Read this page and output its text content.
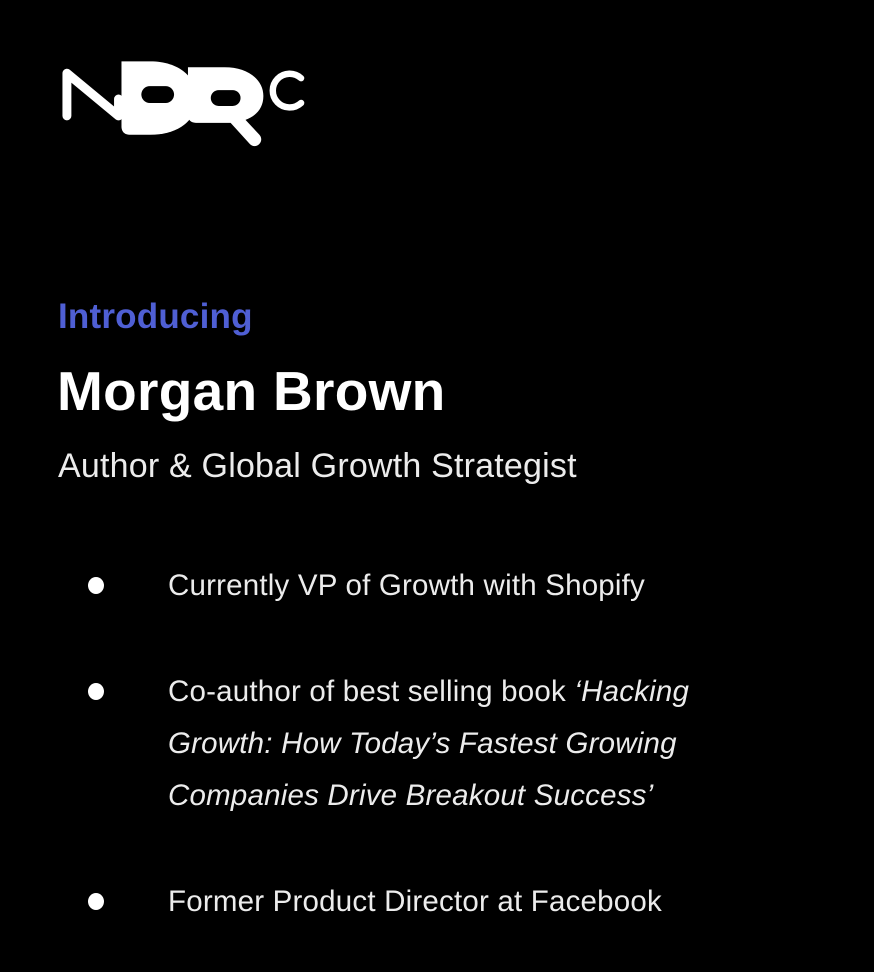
Introducing

Morgan Brown

Author & Global Growth Strategist

Currently VP of Growth with Shopify
Co-author of best selling book ‘Hacking Growth: How Today’s Fastest Growing Companies Drive Breakout Success’
Former Product Director at Facebook
